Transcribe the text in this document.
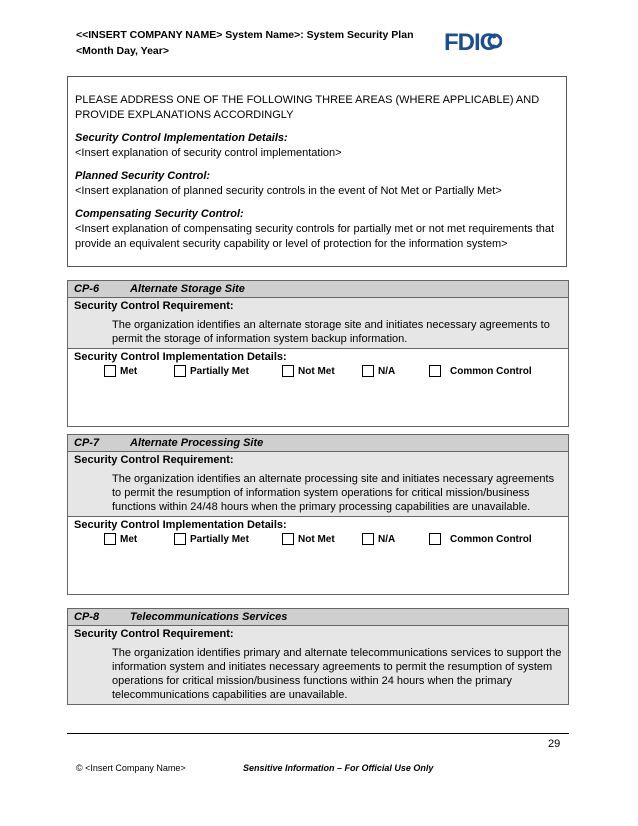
<<INSERT COMPANY NAME> System Name>: System Security Plan
<Month Day, Year>	FDIC

PLEASE ADDRESS ONE OF THE FOLLOWING THREE AREAS (WHERE APPLICABLE) AND PROVIDE EXPLANATIONS ACCORDINGLY

Security Control Implementation Details:
<Insert explanation of security control implementation>

Planned Security Control:
<Insert explanation of planned security controls in the event of Not Met or Partially Met>

Compensating Security Control:
<Insert explanation of compensating security controls for partially met or not met requirements that provide an equivalent security capability or level of protection for the information system>

CP-6	Alternate Storage Site
Security Control Requirement:
The organization identifies an alternate storage site and initiates necessary agreements to permit the storage of information system backup information.
Security Control Implementation Details:
Met	Partially Met	Not Met	N/A	Common Control
CP-7	Alternate Processing Site
Security Control Requirement:
The organization identifies an alternate processing site and initiates necessary agreements to permit the resumption of information system operations for critical mission/business functions within 24/48 hours when the primary processing capabilities are unavailable.
Security Control Implementation Details:
Met	Partially Met	Not Met	N/A	Common Control
CP-8	Telecommunications Services
Security Control Requirement:
The organization identifies primary and alternate telecommunications services to support the information system and initiates necessary agreements to permit the resumption of system operations for critical mission/business functions within 24 hours when the primary telecommunications capabilities are unavailable.
29
© <Insert Company Name>	Sensitive Information – For Official Use Only
